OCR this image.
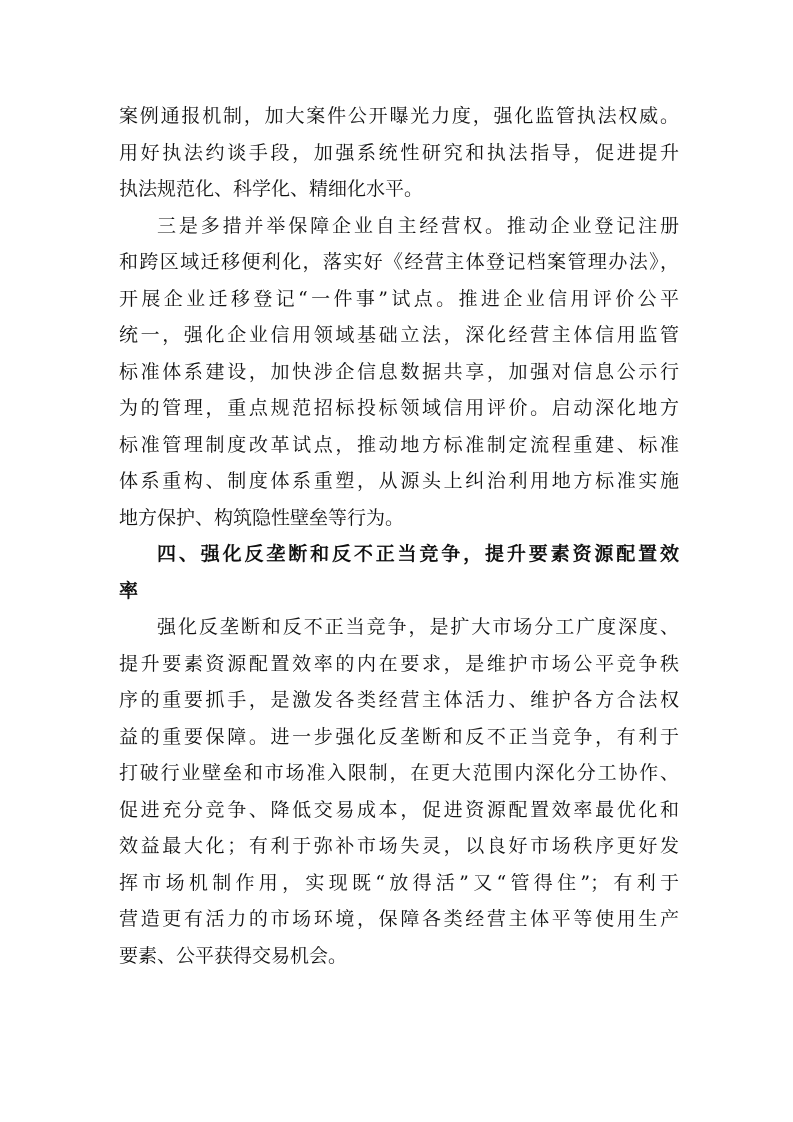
案例通报机制，加大案件公开曝光力度，强化监管执法权威。
用好执法约谈手段，加强系统性研究和执法指导，促进提升
执法规范化、科学化、精细化水平。
三是多措并举保障企业自主经营权。推动企业登记注册
和跨区域迁移便利化，落实好《经营主体登记档案管理办法》，
开展企业迁移登记“一件事”试点。推进企业信用评价公平
统一，强化企业信用领域基础立法，深化经营主体信用监管
标准体系建设，加快涉企信息数据共享，加强对信息公示行
为的管理，重点规范招标投标领域信用评价。启动深化地方
标准管理制度改革试点，推动地方标准制定流程重建、标准
体系重构、制度体系重塑，从源头上纠治利用地方标准实施
地方保护、构筑隐性壁垒等行为。
四、强化反垄断和反不正当竞争，提升要素资源配置效
率
强化反垄断和反不正当竞争，是扩大市场分工广度深度、
提升要素资源配置效率的内在要求，是维护市场公平竞争秩
序的重要抓手，是激发各类经营主体活力、维护各方合法权
益的重要保障。进一步强化反垄断和反不正当竞争，有利于
打破行业壁垒和市场准入限制，在更大范围内深化分工协作、
促进充分竞争、降低交易成本，促进资源配置效率最优化和
效益最大化；有利于弥补市场失灵，以良好市场秩序更好发
挥市场机制作用，实现既“放得活”又“管得住”；有利于
营造更有活力的市场环境，保障各类经营主体平等使用生产
要素、公平获得交易机会。
